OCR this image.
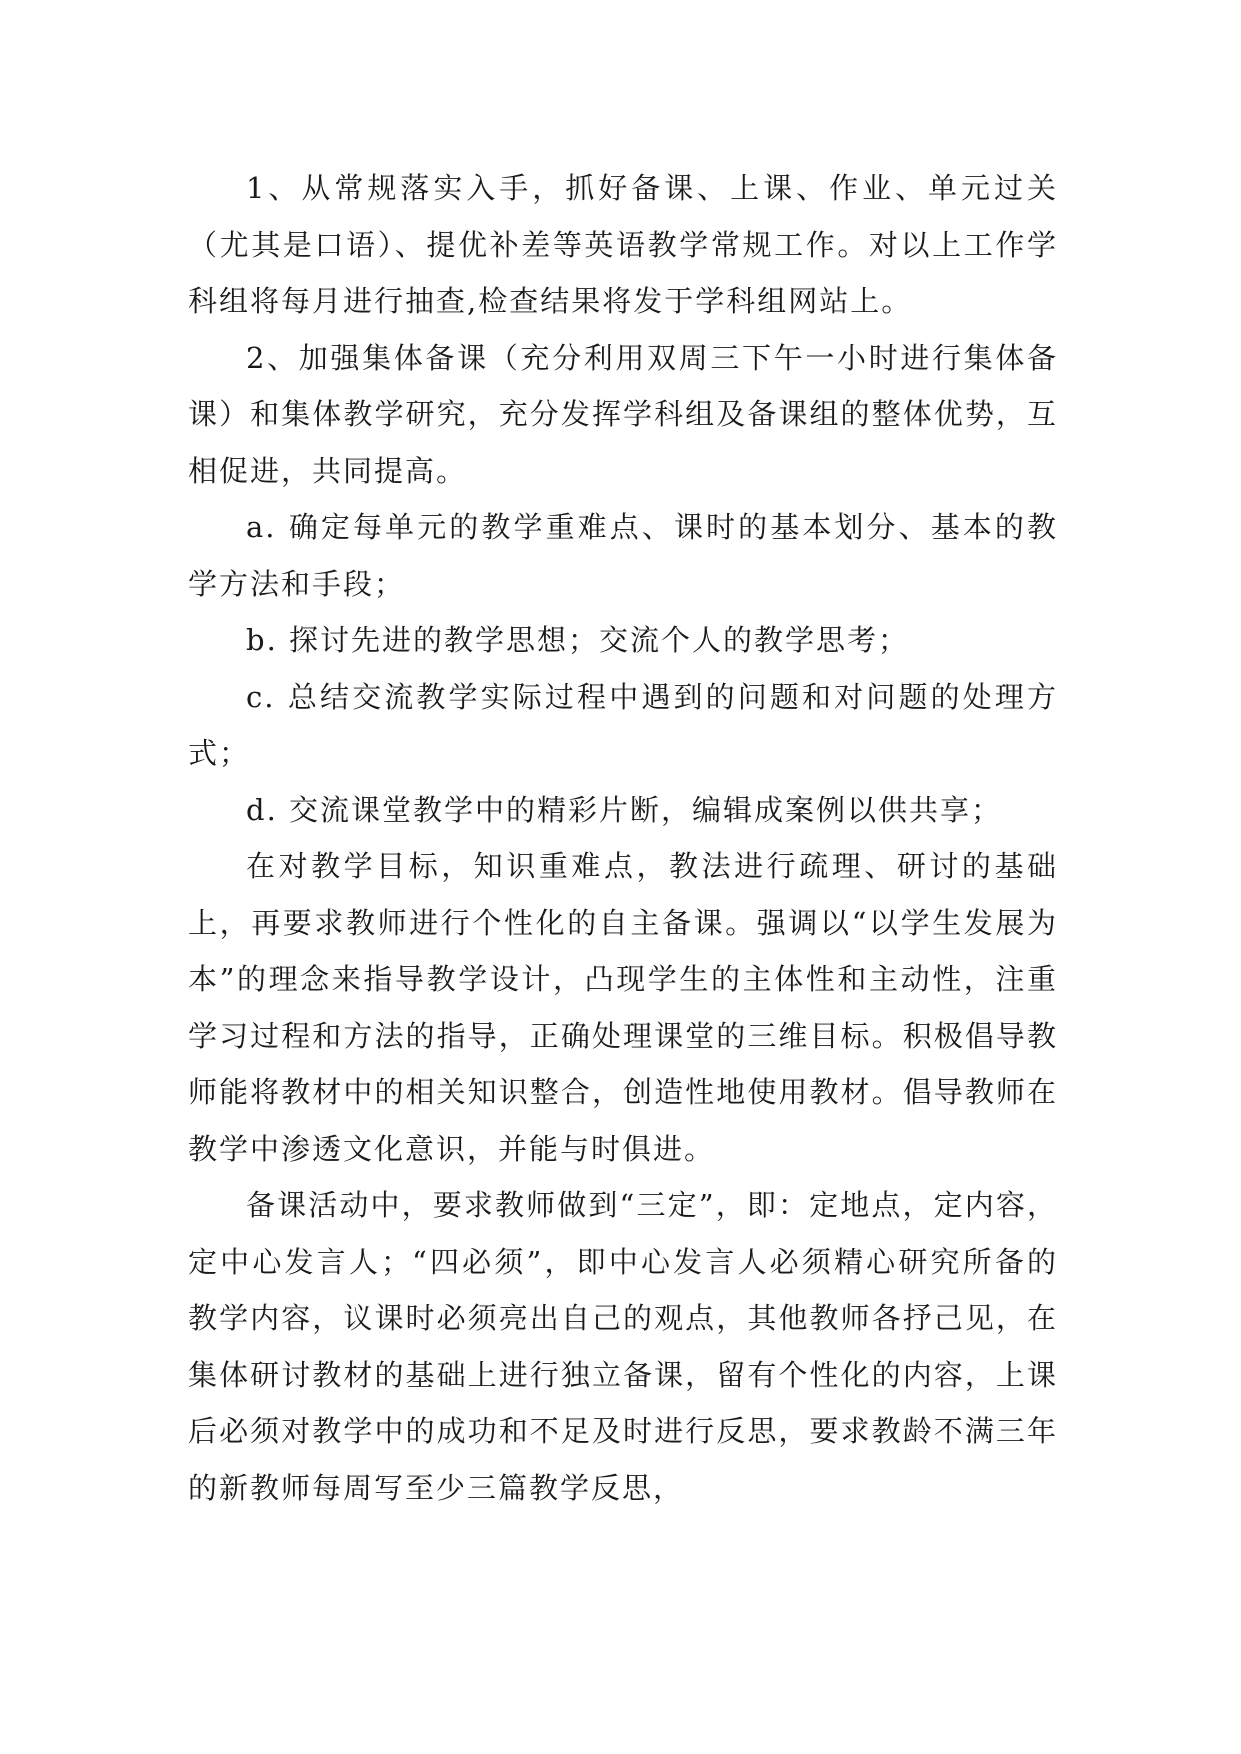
1、从常规落实入手，抓好备课、上课、作业、单元过关（尤其是口语）、提优补差等英语教学常规工作。对以上工作学科组将每月进行抽查,检查结果将发于学科组网站上。

2、加强集体备课（充分利用双周三下午一小时进行集体备课）和集体教学研究，充分发挥学科组及备课组的整体优势，互相促进，共同提高。

a. 确定每单元的教学重难点、课时的基本划分、基本的教学方法和手段；

b. 探讨先进的教学思想；交流个人的教学思考；

c. 总结交流教学实际过程中遇到的问题和对问题的处理方式；

d. 交流课堂教学中的精彩片断，编辑成案例以供共享；

在对教学目标，知识重难点，教法进行疏理、研讨的基础上，再要求教师进行个性化的自主备课。强调以“以学生发展为本”的理念来指导教学设计，凸现学生的主体性和主动性，注重学习过程和方法的指导，正确处理课堂的三维目标。积极倡导教师能将教材中的相关知识整合，创造性地使用教材。倡导教师在教学中渗透文化意识，并能与时俱进。

备课活动中，要求教师做到“三定”，即：定地点，定内容，定中心发言人；“四必须”，即中心发言人必须精心研究所备的教学内容，议课时必须亮出自己的观点，其他教师各抒己见，在集体研讨教材的基础上进行独立备课，留有个性化的内容，上课后必须对教学中的成功和不足及时进行反思，要求教龄不满三年的新教师每周写至少三篇教学反思，
